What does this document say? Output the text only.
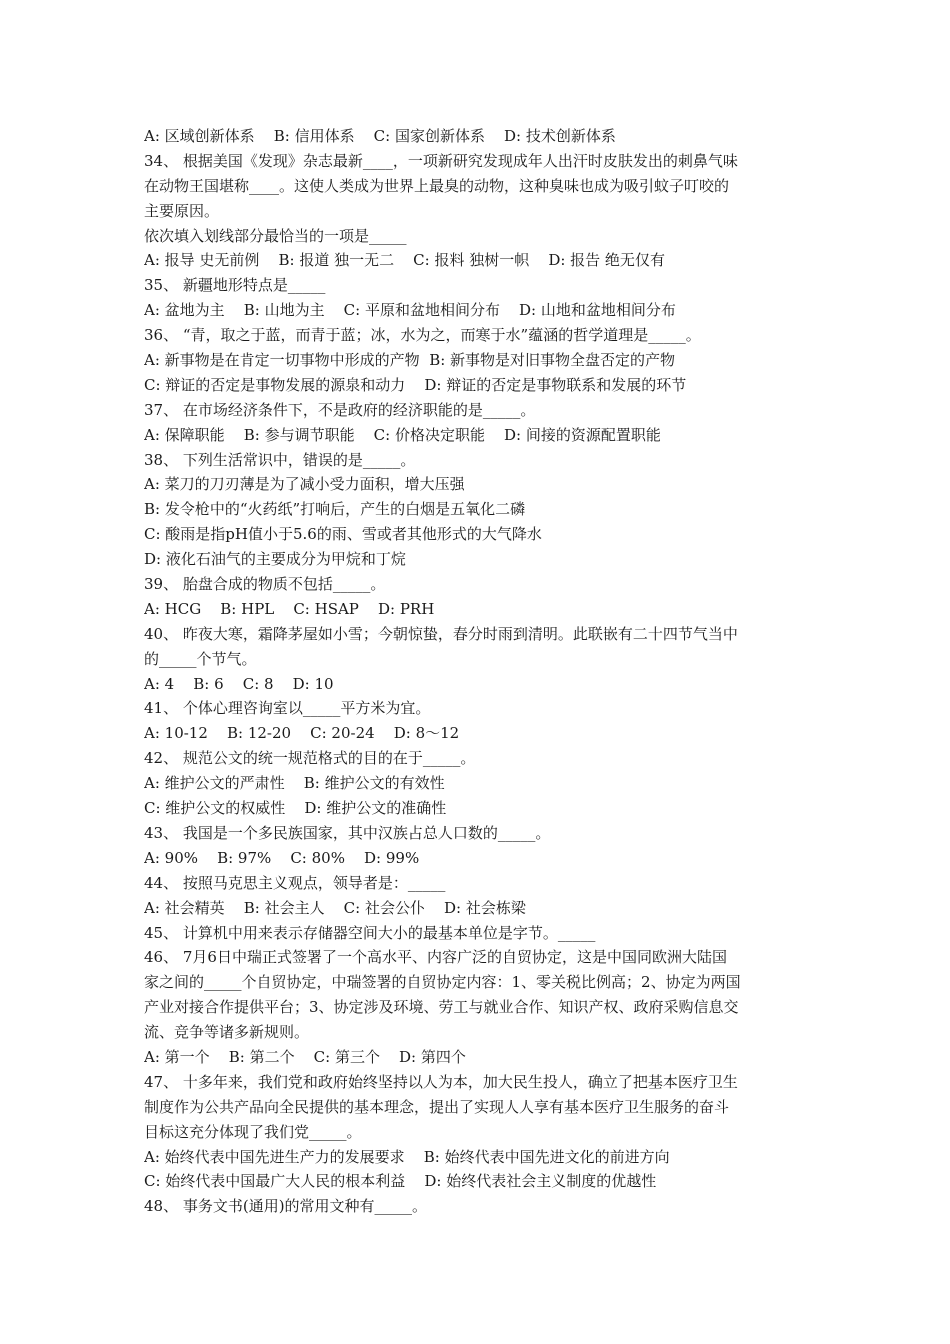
A: 区域创新体系    B: 信用体系    C: 国家创新体系    D: 技术创新体系
34、 根据美国《发现》杂志最新____，一项新研究发现成年人出汗时皮肤发出的刺鼻气味
在动物王国堪称____。这使人类成为世界上最臭的动物，这种臭味也成为吸引蚊子叮咬的
主要原因。
依次填入划线部分最恰当的一项是_____
A: 报导 史无前例    B: 报道 独一无二    C: 报料 独树一帜    D: 报告 绝无仅有
35、 新疆地形特点是_____
A: 盆地为主    B: 山地为主    C: 平原和盆地相间分布    D: 山地和盆地相间分布
36、 “青，取之于蓝，而青于蓝；冰，水为之，而寒于水”蕴涵的哲学道理是_____。
A: 新事物是在肯定一切事物中形成的产物  B: 新事物是对旧事物全盘否定的产物
C: 辩证的否定是事物发展的源泉和动力    D: 辩证的否定是事物联系和发展的环节
37、 在市场经济条件下，不是政府的经济职能的是_____。
A: 保障职能    B: 参与调节职能    C: 价格决定职能    D: 间接的资源配置职能
38、 下列生活常识中，错误的是_____。
A: 菜刀的刀刃薄是为了减小受力面积，增大压强
B: 发令枪中的“火药纸”打响后，产生的白烟是五氧化二磷
C: 酸雨是指pH值小于5.6的雨、雪或者其他形式的大气降水
D: 液化石油气的主要成分为甲烷和丁烷
39、 胎盘合成的物质不包括_____。
A: HCG    B: HPL    C: HSAP    D: PRH
40、 昨夜大寒，霜降茅屋如小雪；今朝惊蛰，春分时雨到清明。此联嵌有二十四节气当中
的_____个节气。
A: 4    B: 6    C: 8    D: 10
41、 个体心理咨询室以_____平方米为宜。
A: 10-12    B: 12-20    C: 20-24    D: 8～12
42、 规范公文的统一规范格式的目的在于_____。
A: 维护公文的严肃性    B: 维护公文的有效性
C: 维护公文的权威性    D: 维护公文的准确性
43、 我国是一个多民族国家，其中汉族占总人口数的_____。
A: 90%    B: 97%    C: 80%    D: 99%
44、 按照马克思主义观点，领导者是：_____
A: 社会精英    B: 社会主人    C: 社会公仆    D: 社会栋梁
45、 计算机中用来表示存储器空间大小的最基本单位是字节。_____
46、 7月6日中瑞正式签署了一个高水平、内容广泛的自贸协定，这是中国同欧洲大陆国
家之间的_____个自贸协定，中瑞签署的自贸协定内容：1、零关税比例高；2、协定为两国
产业对接合作提供平台；3、协定涉及环境、劳工与就业合作、知识产权、政府采购信息交
流、竞争等诸多新规则。
A: 第一个    B: 第二个    C: 第三个    D: 第四个
47、 十多年来，我们党和政府始终坚持以人为本，加大民生投人，确立了把基本医疗卫生
制度作为公共产品向全民提供的基本理念，提出了实现人人享有基本医疗卫生服务的奋斗
目标这充分体现了我们党_____。
A: 始终代表中国先进生产力的发展要求    B: 始终代表中国先进文化的前进方向
C: 始终代表中国最广大人民的根本利益    D: 始终代表社会主义制度的优越性
48、 事务文书(通用)的常用文种有_____。
